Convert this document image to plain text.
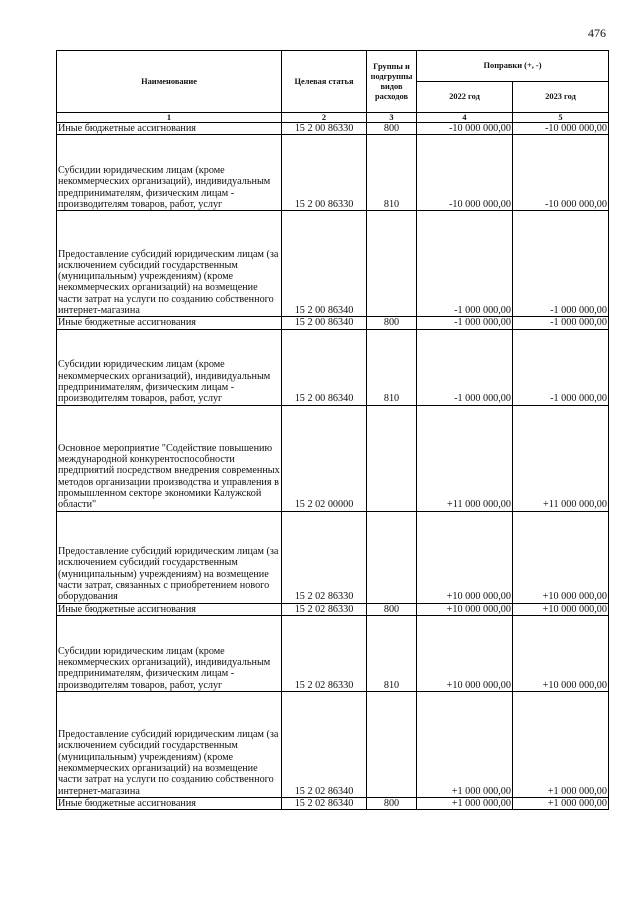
476
Наименование	Целевая статья	Группы и подгруппы видов расходов	Поправки (+, -)	
			2022 год	2023 год
1	2	3	4	5
Иные бюджетные ассигнования	15 2 00 86330	800	-10 000 000,00	-10 000 000,00
Субсидии юридическим лицам (кроме некоммерческих организаций), индивидуальным предпринимателям, физическим лицам - производителям товаров, работ, услуг	15 2 00 86330	810	-10 000 000,00	-10 000 000,00
Предоставление субсидий юридическим лицам (за исключением субсидий государственным (муниципальным) учреждениям) (кроме некоммерческих организаций) на возмещение части затрат на услуги по созданию собственного интернет-магазина	15 2 00 86340		-1 000 000,00	-1 000 000,00
Иные бюджетные ассигнования	15 2 00 86340	800	-1 000 000,00	-1 000 000,00
Субсидии юридическим лицам (кроме некоммерческих организаций), индивидуальным предпринимателям, физическим лицам - производителям товаров, работ, услуг	15 2 00 86340	810	-1 000 000,00	-1 000 000,00
Основное мероприятие "Содействие повышению международной конкурентоспособности предприятий посредством внедрения современных методов организации производства и управления в промышленном секторе экономики Калужской области"	15 2 02 00000		+11 000 000,00	+11 000 000,00
Предоставление субсидий юридическим лицам (за исключением субсидий государственным (муниципальным) учреждениям) на возмещение части затрат, связанных с приобретением нового оборудования	15 2 02 86330		+10 000 000,00	+10 000 000,00
Иные бюджетные ассигнования	15 2 02 86330	800	+10 000 000,00	+10 000 000,00
Субсидии юридическим лицам (кроме некоммерческих организаций), индивидуальным предпринимателям, физическим лицам - производителям товаров, работ, услуг	15 2 02 86330	810	+10 000 000,00	+10 000 000,00
Предоставление субсидий юридическим лицам (за исключением субсидий государственным (муниципальным) учреждениям) (кроме некоммерческих организаций) на возмещение части затрат на услуги по созданию собственного интернет-магазина	15 2 02 86340		+1 000 000,00	+1 000 000,00
Иные бюджетные ассигнования	15 2 02 86340	800	+1 000 000,00	+1 000 000,00
